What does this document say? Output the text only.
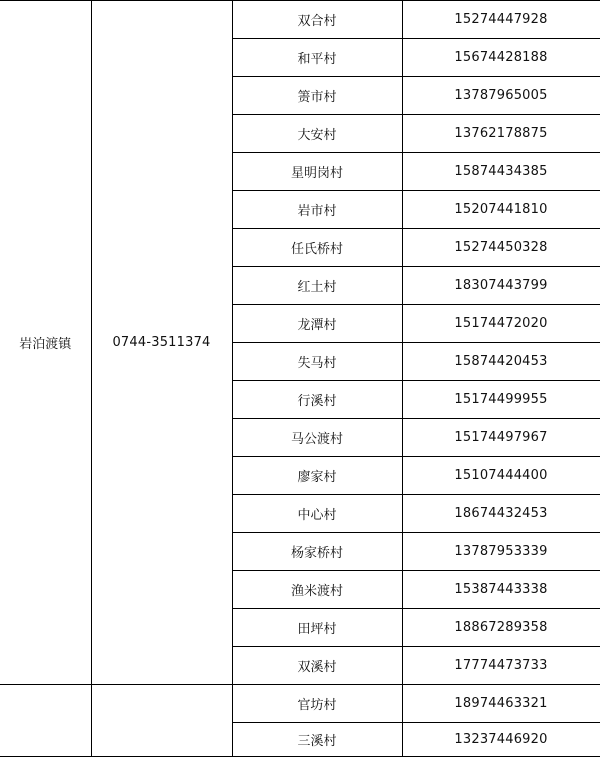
岩泊渡镇	0744-3511374	双合村	15274447928
		和平村	15674428188
		箦市村	13787965005
		大安村	13762178875
		星明岗村	15874434385
		岩市村	15207441810
		任氏桥村	15274450328
		红土村	18307443799
		龙潭村	15174472020
		失马村	15874420453
		行溪村	15174499955
		马公渡村	15174497967
		廖家村	15107444400
		中心村	18674432453
		杨家桥村	13787953339
		渔米渡村	15387443338
		田坪村	18867289358
		双溪村	17774473733
		官坊村	18974463321
		三溪村	13237446920
